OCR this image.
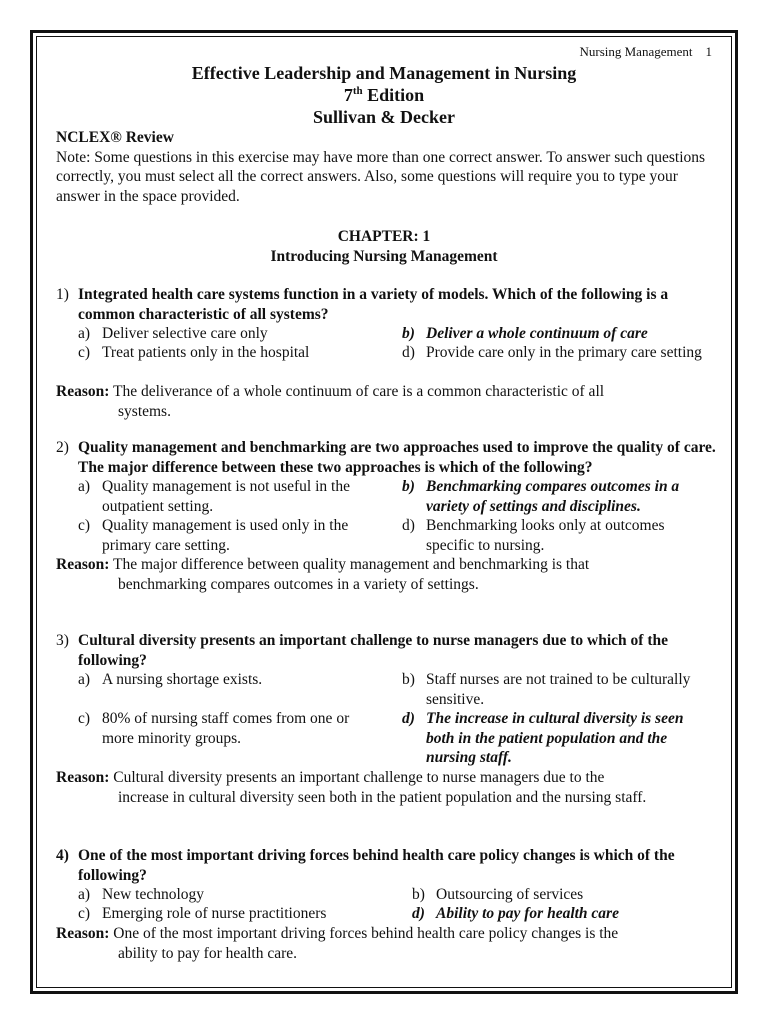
Nursing Management    1
Effective Leadership and Management in Nursing
7th Edition
Sullivan & Decker
NCLEX® Review
Note: Some questions in this exercise may have more than one correct answer. To answer such questions correctly, you must select all the correct answers. Also, some questions will require you to type your answer in the space provided.
CHAPTER: 1
Introducing Nursing Management
1) Integrated health care systems function in a variety of models. Which of the following is a common characteristic of all systems?
a) Deliver selective care only	b) Deliver a whole continuum of care
c) Treat patients only in the hospital	d) Provide care only in the primary care setting
Reason: The deliverance of a whole continuum of care is a common characteristic of all
systems.
2) Quality management and benchmarking are two approaches used to improve the quality of care. The major difference between these two approaches is which of the following?
a) Quality management is not useful in the outpatient setting.
b) Benchmarking compares outcomes in a variety of settings and disciplines.
c) Quality management is used only in the primary care setting.
d) Benchmarking looks only at outcomes specific to nursing.
Reason: The major difference between quality management and benchmarking is that
benchmarking compares outcomes in a variety of settings.
3) Cultural diversity presents an important challenge to nurse managers due to which of the following?
a) A nursing shortage exists.	b) Staff nurses are not trained to be culturally sensitive.
c) 80% of nursing staff comes from one or more minority groups.
d) The increase in cultural diversity is seen both in the patient population and the nursing staff.
Reason: Cultural diversity presents an important challenge to nurse managers due to the
increase in cultural diversity seen both in the patient population and the nursing staff.
4) One of the most important driving forces behind health care policy changes is which of the following?
a) New technology	b) Outsourcing of services
c) Emerging role of nurse practitioners	d) Ability to pay for health care
Reason: One of the most important driving forces behind health care policy changes is the
ability to pay for health care.
